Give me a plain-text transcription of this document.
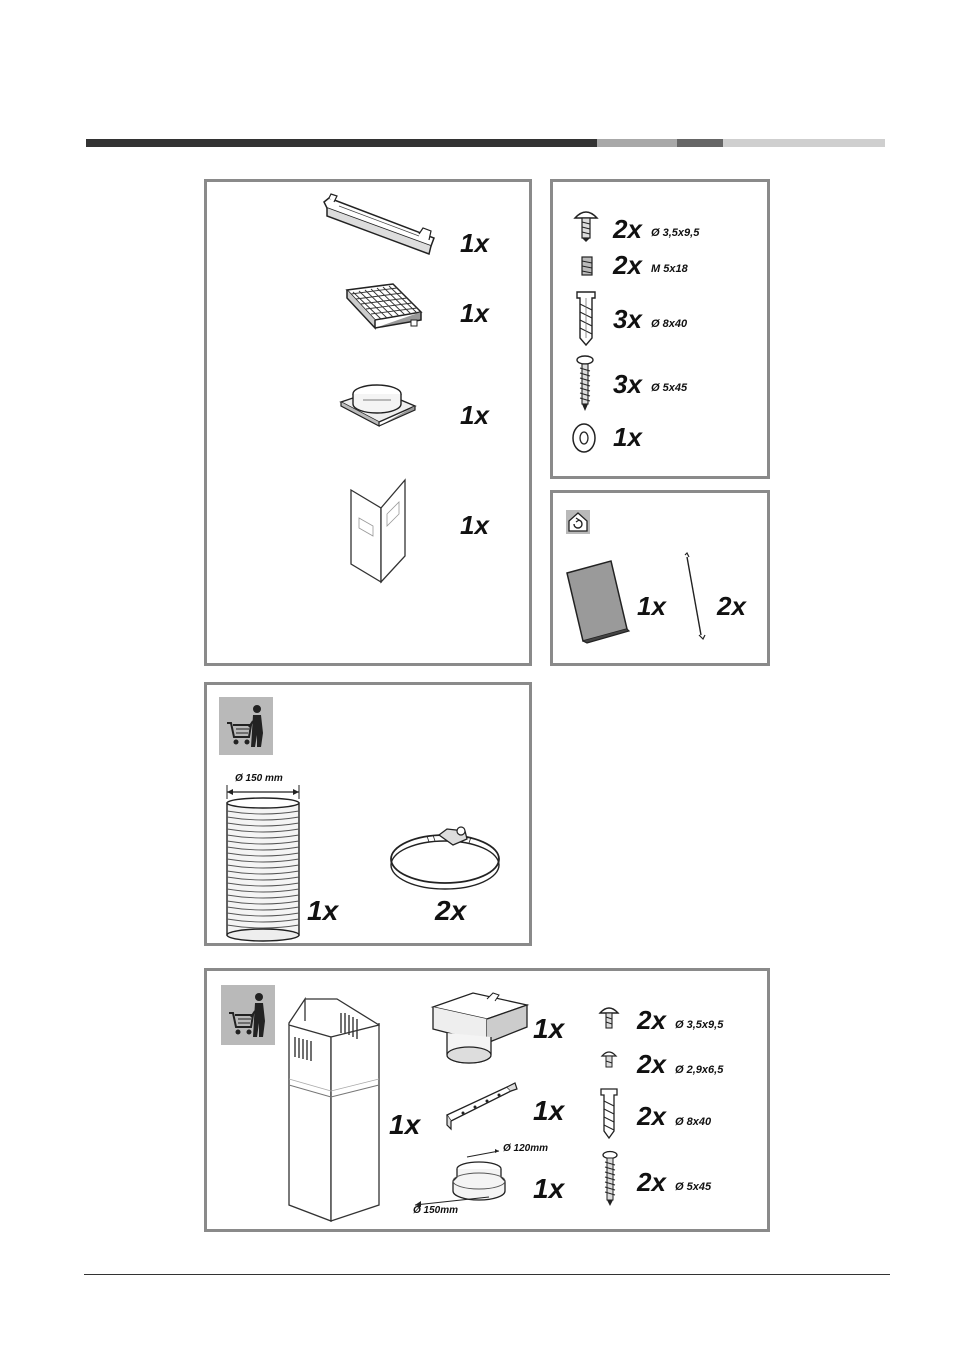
1x
1x
1x
1x
2x Ø 3,5x9,5
2x M 5x18
3x Ø 8x40
3x Ø 5x45
1x
1x 2x
Ø 150 mm
1x	2x
1x
1x
1x
Ø 120mm
Ø 150mm
1x
2x Ø 3,5x9,5
2x Ø 2,9x6,5
2x Ø 8x40
2x Ø 5x45
